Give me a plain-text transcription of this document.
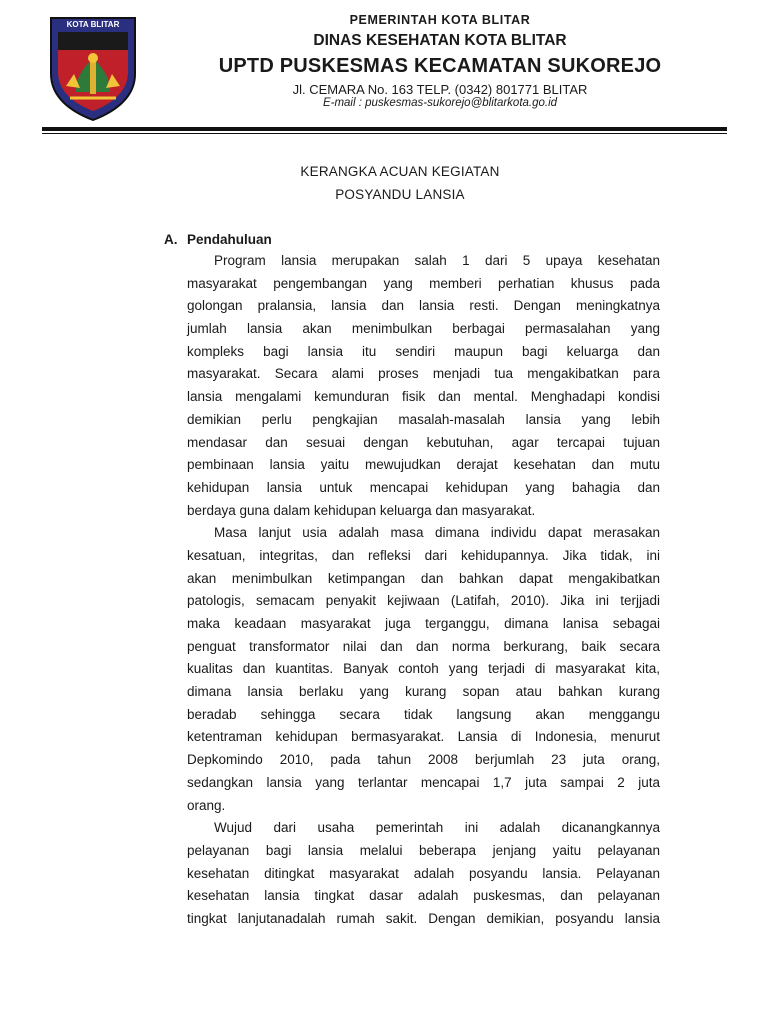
KOTA BLITAR	PEMERINTAH KOTA BLITAR
DINAS KESEHATAN KOTA BLITAR
UPTD PUSKESMAS KECAMATAN SUKOREJO
Jl. CEMARA No. 163 TELP. (0342) 801771 BLITAR
E-mail : puskesmas-sukorejo@blitarkota.go.id
KERANGKA ACUAN KEGIATAN
POSYANDU LANSIA
A. Pendahuluan
Program lansia merupakan salah 1 dari 5 upaya kesehatan
masyarakat pengembangan yang memberi perhatian khusus pada
golongan pralansia, lansia dan lansia resti. Dengan meningkatnya
jumlah lansia akan menimbulkan berbagai permasalahan yang
kompleks bagi lansia itu sendiri maupun bagi keluarga dan
masyarakat. Secara alami proses menjadi tua mengakibatkan para
lansia mengalami kemunduran fisik dan mental. Menghadapi kondisi
demikian perlu pengkajian masalah-masalah lansia yang lebih
mendasar dan sesuai dengan kebutuhan, agar tercapai tujuan
pembinaan lansia yaitu mewujudkan derajat kesehatan dan mutu
kehidupan lansia untuk mencapai kehidupan yang bahagia dan
berdaya guna dalam kehidupan keluarga dan masyarakat.
Masa lanjut usia adalah masa dimana individu dapat merasakan
kesatuan, integritas, dan refleksi dari kehidupannya. Jika tidak, ini
akan menimbulkan ketimpangan dan bahkan dapat mengakibatkan
patologis, semacam penyakit kejiwaan (Latifah, 2010). Jika ini terjjadi
maka keadaan masyarakat juga terganggu, dimana lanisa sebagai
penguat transformator nilai dan dan norma berkurang, baik secara
kualitas dan kuantitas. Banyak contoh yang terjadi di masyarakat kita,
dimana lansia berlaku yang kurang sopan atau bahkan kurang
beradab sehingga secara tidak langsung akan menggangu
ketentraman kehidupan bermasyarakat. Lansia di Indonesia, menurut
Depkomindo 2010, pada tahun 2008 berjumlah 23 juta orang,
sedangkan lansia yang terlantar mencapai 1,7 juta sampai 2 juta
orang.
Wujud dari usaha pemerintah ini adalah dicanangkannya
pelayanan bagi lansia melalui beberapa jenjang yaitu pelayanan
kesehatan ditingkat masyarakat adalah posyandu lansia. Pelayanan
kesehatan lansia tingkat dasar adalah puskesmas, dan pelayanan
tingkat lanjutanadalah rumah sakit. Dengan demikian, posyandu lansia
